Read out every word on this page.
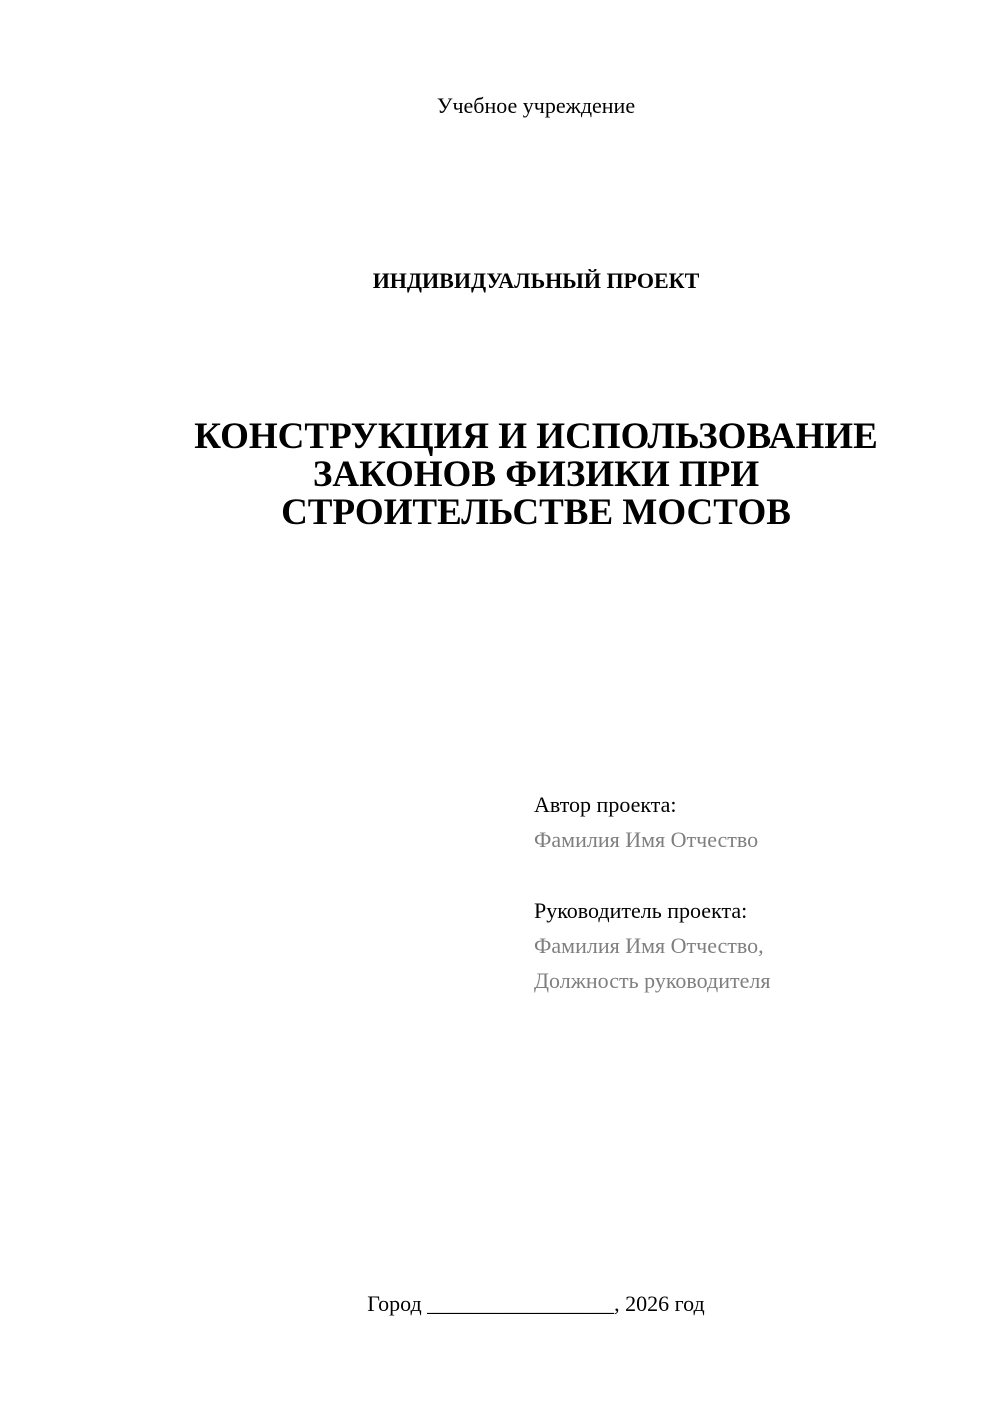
Учебное учреждение
ИНДИВИДУАЛЬНЫЙ ПРОЕКТ
КОНСТРУКЦИЯ И ИСПОЛЬЗОВАНИЕ
ЗАКОНОВ ФИЗИКИ ПРИ
СТРОИТЕЛЬСТВЕ МОСТОВ
Автор проекта:
Фамилия Имя Отчество
Руководитель проекта:
Фамилия Имя Отчество,
Должность руководителя
Город _________________, 2026 год
